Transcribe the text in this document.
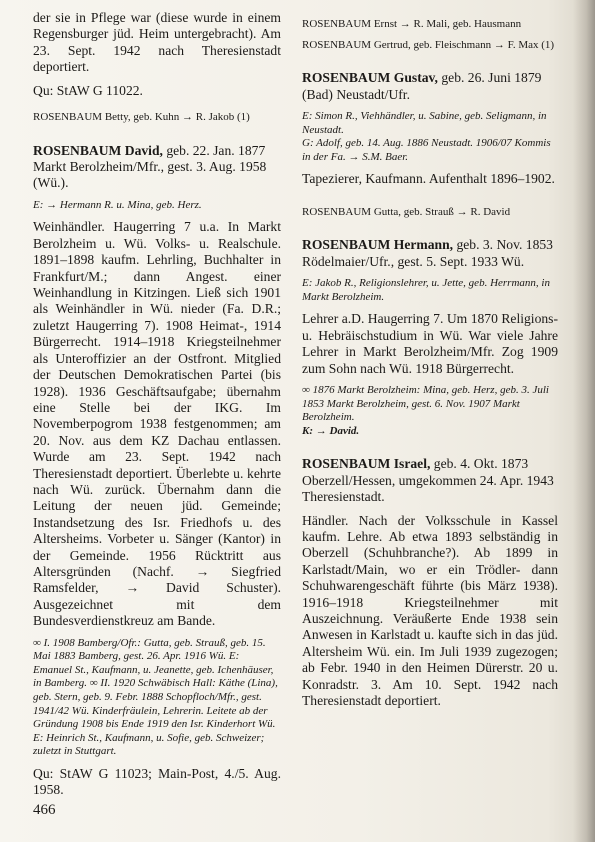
der sie in Pflege war (diese wurde in einem Regensburger jüd. Heim untergebracht). Am 23. Sept. 1942 nach Theresienstadt deportiert.

Qu: StAW G 11022.

ROSENBAUM Betty, geb. Kuhn → R. Jakob (1)

ROSENBAUM David, geb. 22. Jan. 1877 Markt Berolzheim/Mfr., gest. 3. Aug. 1958 (Wü.).

E: → Hermann R. u. Mina, geb. Herz.

Weinhändler. Haugerring 7 u.a. In Markt Berolzheim u. Wü. Volks- u. Realschule. 1891–1898 kaufm. Lehrling, Buchhalter in Frankfurt/M.; dann Angest. einer Weinhandlung in Kitzingen. Ließ sich 1901 als Weinhändler in Wü. nieder (Fa. D.R.; zuletzt Haugerring 7). 1908 Heimat-, 1914 Bürgerrecht. 1914–1918 Kriegsteilnehmer als Unteroffizier an der Ostfront. Mitglied der Deutschen Demokratischen Partei (bis 1928). 1936 Geschäftsaufgabe; übernahm eine Stelle bei der IKG. Im Novemberpogrom 1938 festgenommen; am 20. Nov. aus dem KZ Dachau entlassen. Wurde am 23. Sept. 1942 nach Theresienstadt deportiert. Überlebte u. kehrte nach Wü. zurück. Übernahm dann die Leitung der neuen jüd. Gemeinde; Instandsetzung des Isr. Friedhofs u. des Altersheims. Vorbeter u. Sänger (Kantor) in der Gemeinde. 1956 Rücktritt aus Altersgründen (Nachf. → Siegfried Ramsfelder, → David Schuster). Ausgezeichnet mit dem Bundesverdienstkreuz am Bande.

∞ I. 1908 Bamberg/Ofr.: Gutta, geb. Strauß, geb. 15. Mai 1883 Bamberg, gest. 26. Apr. 1916 Wü. E: Emanuel St., Kaufmann, u. Jeanette, geb. Ichenhäuser, in Bamberg. ∞ II. 1920 Schwäbisch Hall: Käthe (Lina), geb. Stern, geb. 9. Febr. 1888 Schopfloch/Mfr., gest. 1941/42 Wü. Kinderfräulein, Lehrerin. Leitete ab der Gründung 1908 bis Ende 1919 den Isr. Kinderhort Wü. E: Heinrich St., Kaufmann, u. Sofie, geb. Schweizer; zuletzt in Stuttgart.

Qu: StAW G 11023; Main-Post, 4./5. Aug. 1958.

ROSENBAUM Ernst → R. Mali, geb. Hausmann

ROSENBAUM Gertrud, geb. Fleischmann → F. Max (1)

ROSENBAUM Gustav, geb. 26. Juni 1879 (Bad) Neustadt/Ufr.

E: Simon R., Viehhändler, u. Sabine, geb. Seligmann, in Neustadt.

G: Adolf, geb. 14. Aug. 1886 Neustadt. 1906/07 Kommis in der Fa. → S.M. Baer.

Tapezierer, Kaufmann. Aufenthalt 1896–1902.

ROSENBAUM Gutta, geb. Strauß → R. David

ROSENBAUM Hermann, geb. 3. Nov. 1853 Rödelmaier/Ufr., gest. 5. Sept. 1933 Wü.

E: Jakob R., Religionslehrer, u. Jette, geb. Herrmann, in Markt Berolzheim.

Lehrer a.D. Haugerring 7. Um 1870 Religions- u. Hebräischstudium in Wü. War viele Jahre Lehrer in Markt Berolzheim/Mfr. Zog 1909 zum Sohn nach Wü. 1918 Bürgerrecht.

∞ 1876 Markt Berolzheim: Mina, geb. Herz, geb. 3. Juli 1853 Markt Berolzheim, gest. 6. Nov. 1907 Markt Berolzheim.

K: → David.

ROSENBAUM Israel, geb. 4. Okt. 1873 Oberzell/Hessen, umgekommen 24. Apr. 1943 Theresienstadt.

Händler. Nach der Volksschule in Kassel kaufm. Lehre. Ab etwa 1893 selbständig in Oberzell (Schuhbranche?). Ab 1899 in Karlstadt/Main, wo er ein Trödler- dann Schuhwarengeschäft führte (bis März 1938). 1916–1918 Kriegsteilnehmer mit Auszeichnung. Veräußerte Ende 1938 sein Anwesen in Karlstadt u. kaufte sich in das jüd. Altersheim Wü. ein. Im Juli 1939 zugezogen; ab Febr. 1940 in den Heimen Dürerstr. 20 u. Konradstr. 3. Am 10. Sept. 1942 nach Theresienstadt deportiert.

466
